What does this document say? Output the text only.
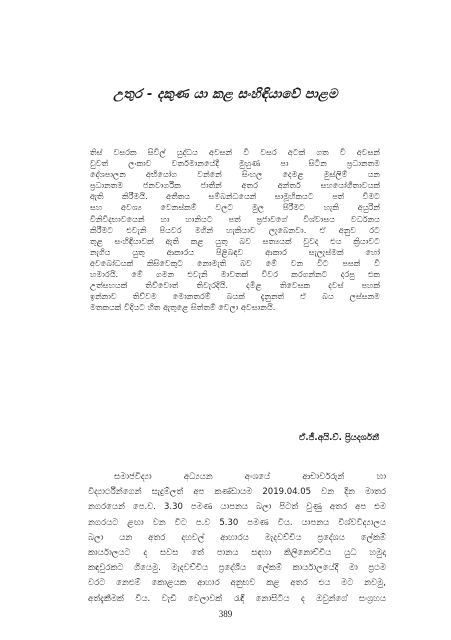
උතුර - දකුණ යා කළ සංහිඳියාවේ පාළම
තිස් වසරක සිවිල් යුද්ධය අවසන් වී වසර අටක් ගත වී අවසන්
වුවත් ලංකාව වර්තමානයේදී මුහුණ පා සිටින ප්‍රධානතම
දේශපාලන අභියෝග වන්නේ සිංහල දෙමළ මුස්ලිම් යන
ප්‍රධානතම ජනවාර්ගික ජාතීන් අතර අන්තර් සහයෝගීතාවයක්
ඇති කිරීමයි. අතීතය සම්බන්ධයෙන් සාමූහිකයට පත් වීමට
සහ අවශ්‍ය වෙනස්කම් වලට මුල පිරීමට හැකි අයුරින්
විනිවිදභාවයෙන් හා හානියට පත් ප්‍රජාවගේ විශ්වාසය වර්ධනය
කිරීමට එවැනි පියවර මගින් හැකියාව ලැබෙනවා. ඒ අනුව රට
තුළ සංහිඳියාවක් ඇති කළ යුතු බව සත්‍යයක් වුවද එය ක්‍රියාවට
නැගිය යුතු ආකාරය පිළිබඳව ආකාර සැලැස්මක් හෝ
අවබෝධයක් කිසිවෙකුට නොමැති බව මේ වන විට පසක් වී
හමාරයි. මේ ගමන එවැනි මාවතක් විවර කරගන්නට දරපු එක
උත්සහයක් තිව්වොත් තිවැරදියි. දමිළ තිවෙසක දවස් පහක්
ඉන්නාව තිව්වම මොනතරම් බයක් දැනුනත් ඒ බය ලස්සනම
මතකයක් විදියට හිත ඇතුළෙ සිත්තම් වෙලා අවසානයි.
ඒ.ජී.අයි.ව්. ප්‍රියදර්ශනී
සමාජවිද්‍යා අධ්‍යයන අංශයේ ආචාර්වරුන් හා
විද්‍යාර්ථීන්ගෙන් සැදුම්ලත් අප කණ්ඩායම 2019.04.05 වන දින මාතර
නගරයෙන් පෙ.ව. 3.30 පමණ යාපනය බලා පිටත් වුණු අතර අප එම
නගරයට ළඟා වන විට ප.ව 5.30 පමණ විය. යාපනය විශ්වවිද්‍යාලය
බලා යන අතර දහවල් ආහාරය මැදවච්චිය ප්‍රදේශය ලේකම්
කාර්යාලයට ද සවස තේ පානය සඳහා කිලිනොච්චිය යුධ හමුදා
කඳවුරකට ගියෙමු. මැදවච්චිය ප්‍රදේශීය ලේකම් කාර්යාලයේදී මා ප්‍රථම
වරට නෙළුම් කොළයක ආහාර අනුභව කළ අතර එය මට නවමු,
අත්දැකීමක් විය. වැඩි වෙලාවක් රැඳී නොසිටිය ද ඔවුන්ගේ සංග්‍රහය
389
